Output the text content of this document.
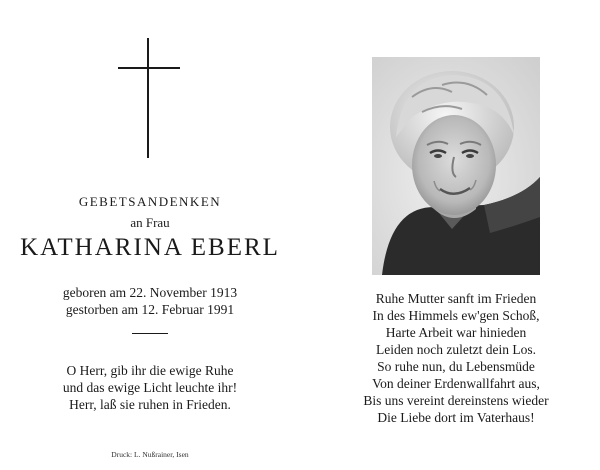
GEBETSANDENKEN
an Frau
KATHARINA EBERL
geboren am 22. November 1913
gestorben am 12. Februar 1991
O Herr, gib ihr die ewige Ruhe
und das ewige Licht leuchte ihr!
Herr, laß sie ruhen in Frieden.
Druck: L. Nußrainer, Isen
Ruhe Mutter sanft im Frieden
In des Himmels ew'gen Schoß,
Harte Arbeit war hinieden
Leiden noch zuletzt dein Los.
So ruhe nun, du Lebensmüde
Von deiner Erdenwallfahrt aus,
Bis uns vereint dereinstens wieder
Die Liebe dort im Vaterhaus!
